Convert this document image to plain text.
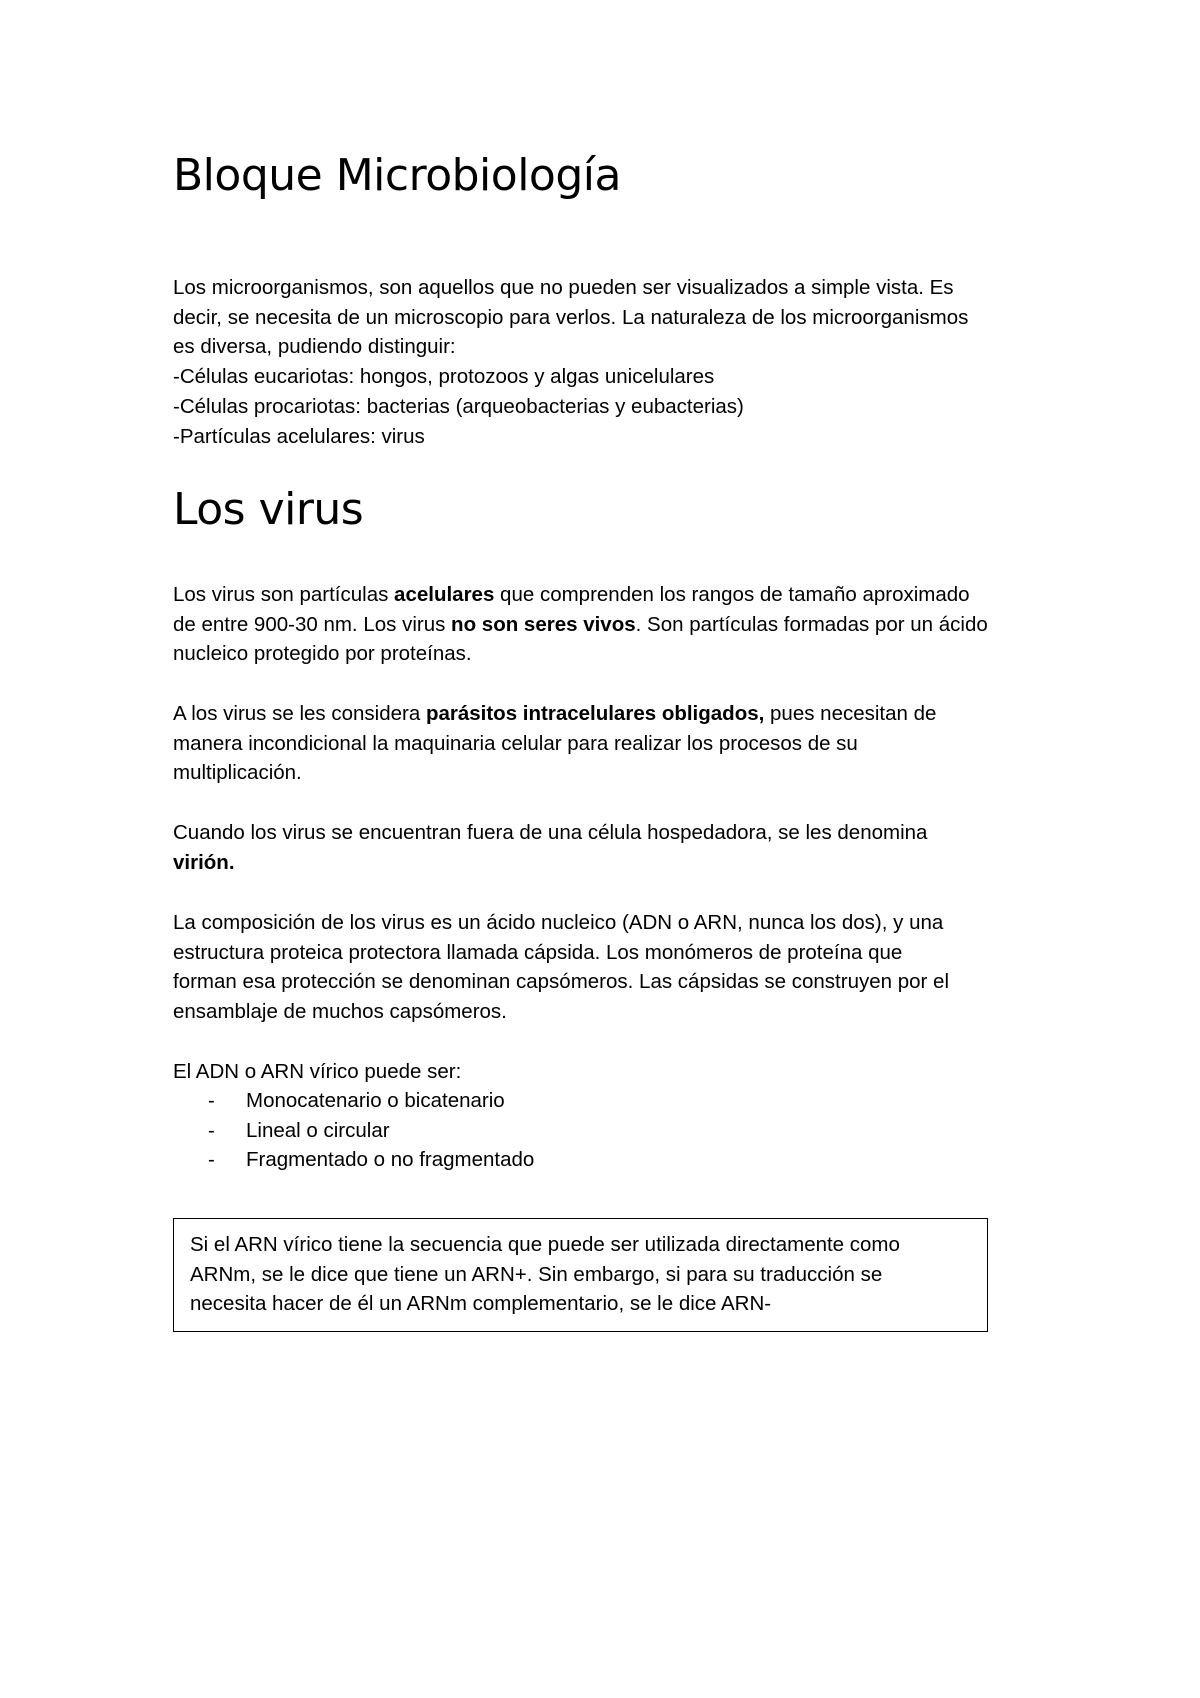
Bloque Microbiología

Los microorganismos, son aquellos que no pueden ser visualizados a simple vista. Es
decir, se necesita de un microscopio para verlos. La naturaleza de los microorganismos
es diversa, pudiendo distinguir:
-Células eucariotas: hongos, protozoos y algas unicelulares
-Células procariotas: bacterias (arqueobacterias y eubacterias)
-Partículas acelulares: virus

Los virus

Los virus son partículas acelulares que comprenden los rangos de tamaño aproximado
de entre 900-30 nm. Los virus no son seres vivos. Son partículas formadas por un ácido
nucleico protegido por proteínas.

A los virus se les considera parásitos intracelulares obligados, pues necesitan de
manera incondicional la maquinaria celular para realizar los procesos de su
multiplicación.

Cuando los virus se encuentran fuera de una célula hospedadora, se les denomina
virión.

La composición de los virus es un ácido nucleico (ADN o ARN, nunca los dos), y una
estructura proteica protectora llamada cápsida. Los monómeros de proteína que
forman esa protección se denominan capsómeros. Las cápsidas se construyen por el
ensamblaje de muchos capsómeros.

El ADN o ARN vírico puede ser:

- Monocatenario o bicatenario
- Lineal o circular
- Fragmentado o no fragmentado

Si el ARN vírico tiene la secuencia que puede ser utilizada directamente como
ARNm, se le dice que tiene un ARN+. Sin embargo, si para su traducción se
necesita hacer de él un ARNm complementario, se le dice ARN-
